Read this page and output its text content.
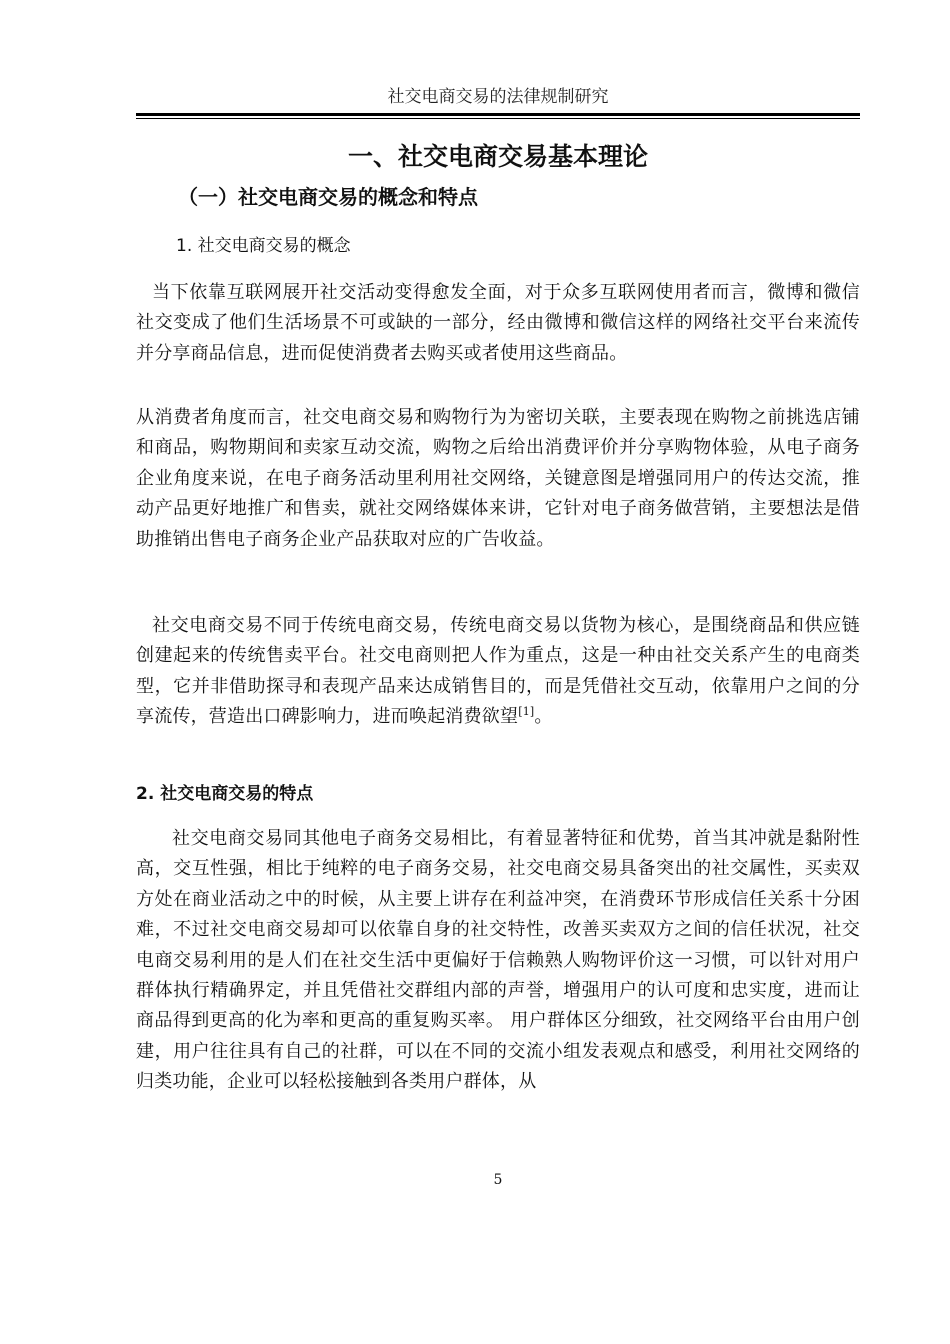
社交电商交易的法律规制研究
一、社交电商交易基本理论
（一）社交电商交易的概念和特点
1. 社交电商交易的概念

当下依靠互联网展开社交活动变得愈发全面，对于众多互联网使用者而言，微博和微信社交变成了他们生活场景不可或缺的一部分，经由微博和微信这样的网络社交平台来流传并分享商品信息，进而促使消费者去购买或者使用这些商品。

从消费者角度而言，社交电商交易和购物行为为密切关联，主要表现在购物之前挑选店铺和商品，购物期间和卖家互动交流，购物之后给出消费评价并分享购物体验，从电子商务企业角度来说，在电子商务活动里利用社交网络，关键意图是增强同用户的传达交流，推动产品更好地推广和售卖，就社交网络媒体来讲，它针对电子商务做营销，主要想法是借助推销出售电子商务企业产品获取对应的广告收益。

社交电商交易不同于传统电商交易，传统电商交易以货物为核心，是围绕商品和供应链创建起来的传统售卖平台。社交电商则把人作为重点，这是一种由社交关系产生的电商类型，它并非借助探寻和表现产品来达成销售目的，而是凭借社交互动，依靠用户之间的分享流传，营造出口碑影响力，进而唤起消费欲望[1]。

2. 社交电商交易的特点

社交电商交易同其他电子商务交易相比，有着显著特征和优势，首当其冲就是黏附性高，交互性强，相比于纯粹的电子商务交易，社交电商交易具备突出的社交属性，买卖双方处在商业活动之中的时候，从主要上讲存在利益冲突，在消费环节形成信任关系十分困难，不过社交电商交易却可以依靠自身的社交特性，改善买卖双方之间的信任状况，社交电商交易利用的是人们在社交生活中更偏好于信赖熟人购物评价这一习惯，可以针对用户群体执行精确界定，并且凭借社交群组内部的声誉，增强用户的认可度和忠实度，进而让商品得到更高的化为率和更高的重复购买率。 用户群体区分细致，社交网络平台由用户创建，用户往往具有自己的社群，可以在不同的交流小组发表观点和感受，利用社交网络的归类功能，企业可以轻松接触到各类用户群体，从

5
